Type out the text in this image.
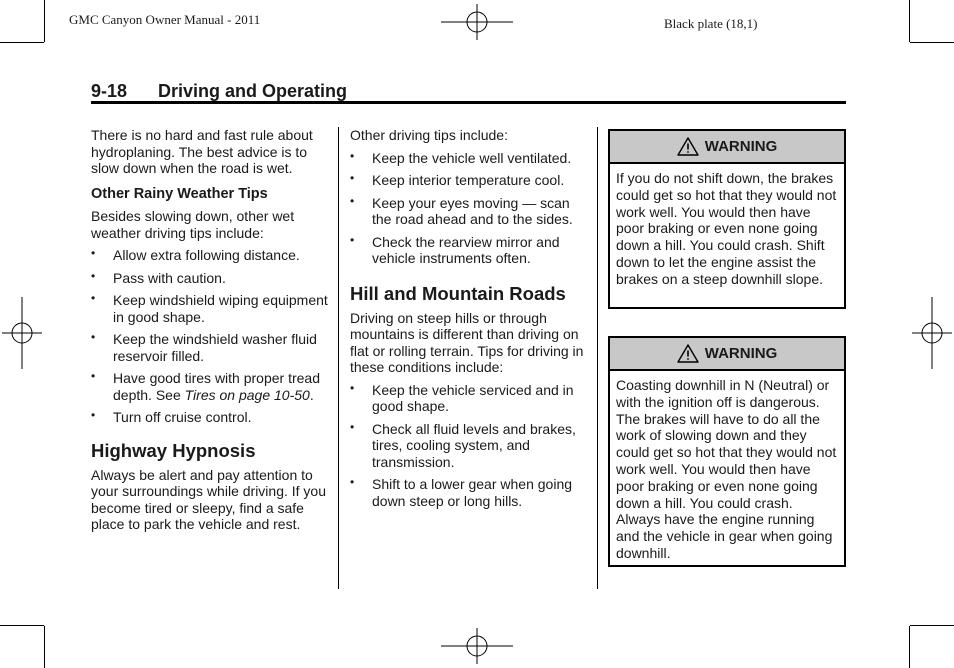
GMC Canyon Owner Manual - 2011	Black plate (18,1)
9-18 Driving and Operating

There is no hard and fast rule about hydroplaning. The best advice is to slow down when the road is wet.

Other Rainy Weather Tips

Besides slowing down, other wet weather driving tips include:

• Allow extra following distance.
• Pass with caution.
• Keep windshield wiping equipment in good shape.
• Keep the windshield washer fluid reservoir filled.
• Have good tires with proper tread depth. See Tires on page 10-50.
• Turn off cruise control.
Highway Hypnosis

Always be alert and pay attention to your surroundings while driving. If you become tired or sleepy, find a safe place to park the vehicle and rest.

Other driving tips include:

• Keep the vehicle well ventilated.
• Keep interior temperature cool.
• Keep your eyes moving — scan the road ahead and to the sides.
• Check the rearview mirror and vehicle instruments often.
Hill and Mountain Roads

Driving on steep hills or through mountains is different than driving on flat or rolling terrain. Tips for driving in these conditions include:

• Keep the vehicle serviced and in good shape.
• Check all fluid levels and brakes, tires, cooling system, and transmission.
• Shift to a lower gear when going down steep or long hills.
WARNING
If you do not shift down, the brakes could get so hot that they would not work well. You would then have poor braking or even none going down a hill. You could crash. Shift down to let the engine assist the brakes on a steep downhill slope.
WARNING
Coasting downhill in N (Neutral) or with the ignition off is dangerous. The brakes will have to do all the work of slowing down and they could get so hot that they would not work well. You would then have poor braking or even none going down a hill. You could crash. Always have the engine running and the vehicle in gear when going downhill.
